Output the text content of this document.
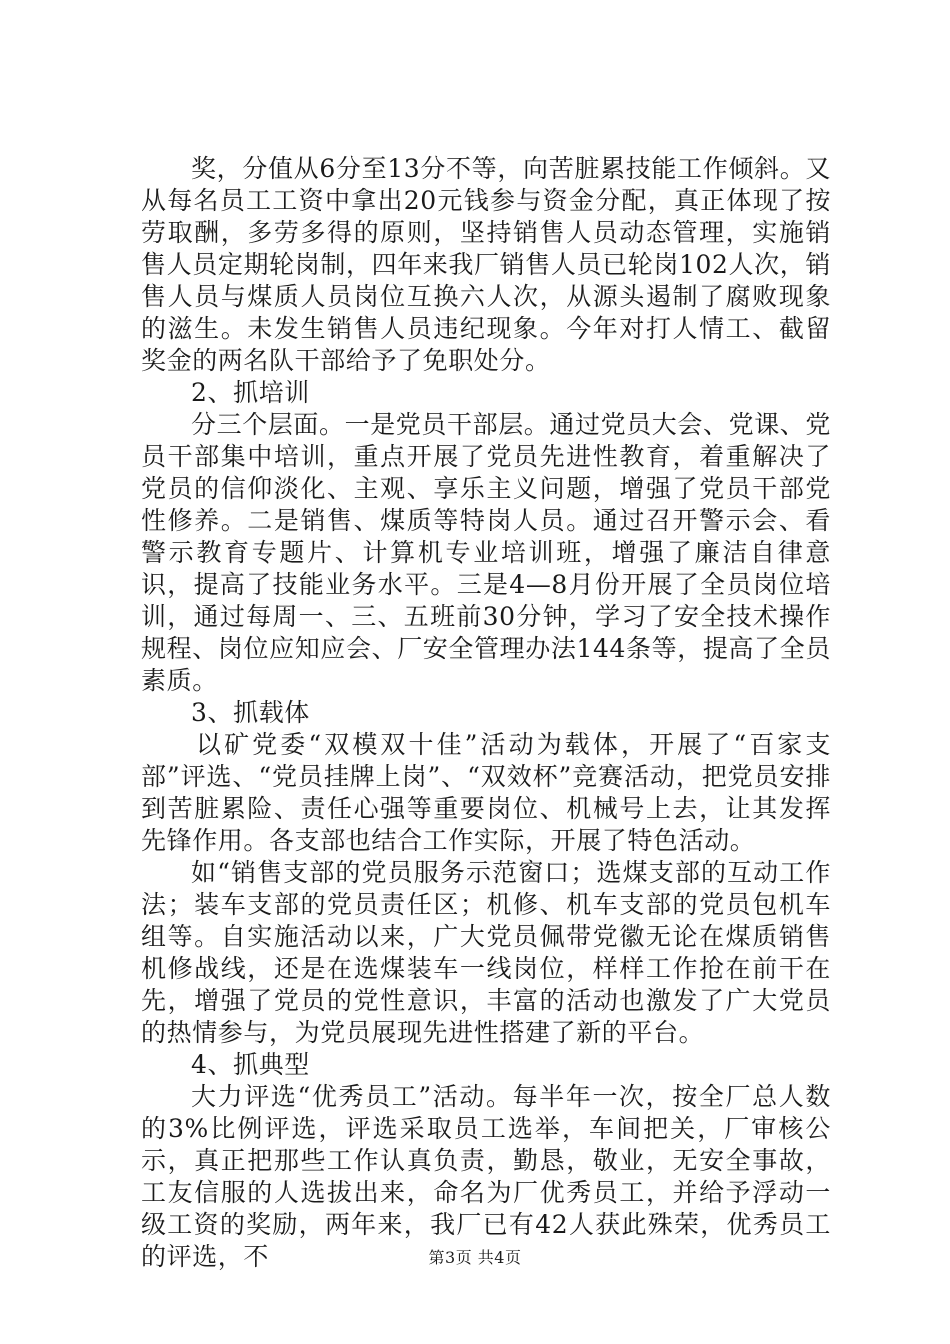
奖，分值从6分至13分不等，向苦脏累技能工作倾斜。又从每名员工工资中拿出20元钱参与资金分配，真正体现了按劳取酬，多劳多得的原则，坚持销售人员动态管理，实施销售人员定期轮岗制，四年来我厂销售人员已轮岗102人次，销售人员与煤质人员岗位互换六人次，从源头遏制了腐败现象的滋生。未发生销售人员违纪现象。今年对打人情工、截留奖金的两名队干部给予了免职处分。

2、抓培训

分三个层面。一是党员干部层。通过党员大会、党课、党员干部集中培训，重点开展了党员先进性教育，着重解决了党员的信仰淡化、主观、享乐主义问题，增强了党员干部党性修养。二是销售、煤质等特岗人员。通过召开警示会、看警示教育专题片、计算机专业培训班，增强了廉洁自律意识，提高了技能业务水平。三是4—8月份开展了全员岗位培训，通过每周一、三、五班前30分钟，学习了安全技术操作规程、岗位应知应会、厂安全管理办法144条等，提高了全员素质。

3、抓载体

以矿党委“双模双十佳”活动为载体，开展了“百家支部”评选、“党员挂牌上岗”、“双效杯”竞赛活动，把党员安排到苦脏累险、责任心强等重要岗位、机械号上去，让其发挥先锋作用。各支部也结合工作实际，开展了特色活动。

如“销售支部的党员服务示范窗口；选煤支部的互动工作法；装车支部的党员责任区；机修、机车支部的党员包机车组等。自实施活动以来，广大党员佩带党徽无论在煤质销售机修战线，还是在选煤装车一线岗位，样样工作抢在前干在先，增强了党员的党性意识，丰富的活动也激发了广大党员的热情参与，为党员展现先进性搭建了新的平台。

4、抓典型

大力评选“优秀员工”活动。每半年一次，按全厂总人数的3%比例评选，评选采取员工选举，车间把关，厂审核公示，真正把那些工作认真负责，勤恳，敬业，无安全事故，工友信服的人选拔出来，命名为厂优秀员工，并给予浮动一级工资的奖励，两年来，我厂已有42人获此殊荣，优秀员工的评选，不	第3页 共4页
